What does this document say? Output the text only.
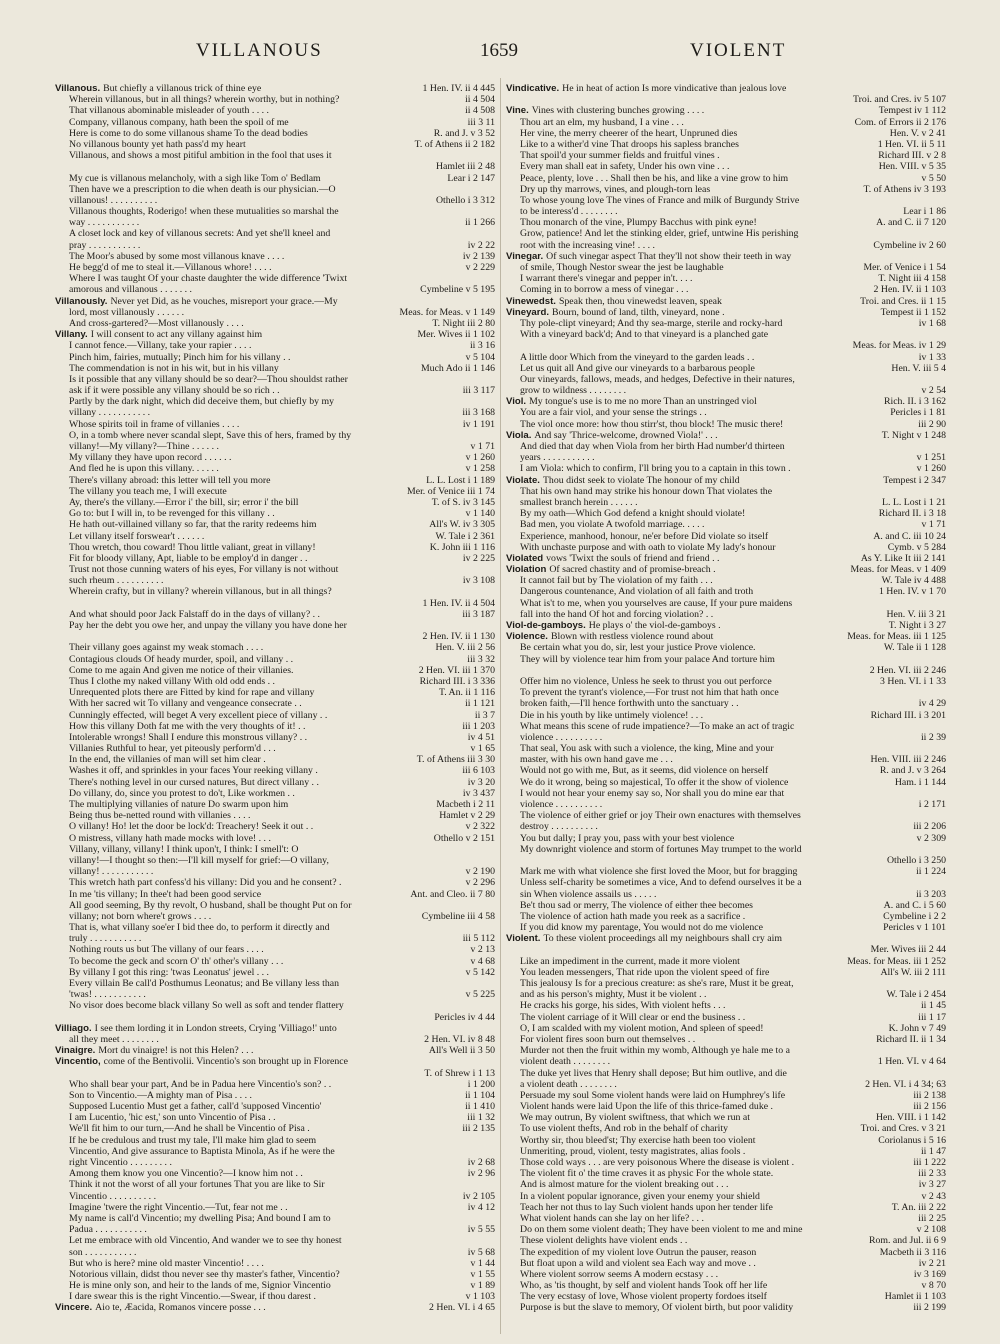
VILLANOUS	1659	VIOLENT
Villanous. But chiefly a villanous trick of thine eye	1 Hen. IV. ii 4 445
Wherein villanous, but in all things? wherein worthy, but in nothing?	ii 4 504
That villanous abominable misleader of youth . . . .	ii 4 508
Company, villanous company, hath been the spoil of me	iii 3 11
Here is come to do some villanous shame To the dead bodies	R. and J. v 3 52
No villanous bounty yet hath pass'd my heart	T. of Athens ii 2 182
Villanous, and shows a most pitiful ambition in the fool that uses it
Hamlet iii 2 48
My cue is villanous melancholy, with a sigh like Tom o' Bedlam	Lear i 2 147
Then have we a prescription to die when death is our physician.—O
villanous! . . . . . . . . . .	Othello i 3 312
Villanous thoughts, Roderigo! when these mutualities so marshal the
way . . . . . . . . . . .	ii 1 266
A closet lock and key of villanous secrets: And yet she'll kneel and
pray . . . . . . . . . . .	iv 2 22
The Moor's abused by some most villanous knave . . . .	iv 2 139
He begg'd of me to steal it.—Villanous whore! . . . .	v 2 229
Where I was taught Of your chaste daughter the wide difference 'Twixt
amorous and villanous . . . . . . .	Cymbeline v 5 195
Villanously. Never yet Did, as he vouches, misreport your grace.—My
lord, most villanously . . . . . .	Meas. for Meas. v 1 149
And cross-gartered?—Most villanously . . . .	T. Night iii 2 80
Villany. I will consent to act any villany against him	Mer. Wives ii 1 102
I cannot fence.—Villany, take your rapier . . . .	ii 3 16
Pinch him, fairies, mutually; Pinch him for his villany . .	v 5 104
The commendation is not in his wit, but in his villany	Much Ado ii 1 146
Is it possible that any villany should be so dear?—Thou shouldst rather
ask if it were possible any villany should be so rich . .	iii 3 117
Partly by the dark night, which did deceive them, but chiefly by my
villany . . . . . . . . . . .	iii 3 168
Whose spirits toil in frame of villanies . . . .	iv 1 191
O, in a tomb where never scandal slept, Save this of hers, framed by thy
villany!—My villany?—Thine . . . . . .	v 1 71
My villany they have upon record . . . . . .	v 1 260
And fled he is upon this villany. . . . . .	v 1 258
There's villany abroad: this letter will tell you more	L. L. Lost i 1 189
The villany you teach me, I will execute	Mer. of Venice iii 1 74
Ay, there's the villany.—Error i' the bill, sir; error i' the bill	T. of S. iv 3 145
Go to: but I will in, to be revenged for this villany . .	v 1 140
He hath out-villained villany so far, that the rarity redeems him	All's W. iv 3 305
Let villany itself forswear't . . . . . .	W. Tale i 2 361
Thou wretch, thou coward! Thou little valiant, great in villany!	K. John iii 1 116
Fit for bloody villany, Apt, liable to be employ'd in danger . .	iv 2 225
Trust not those cunning waters of his eyes, For villany is not without
such rheum . . . . . . . . . .	iv 3 108
Wherein crafty, but in villany? wherein villanous, but in all things?
1 Hen. IV. ii 4 504
And what should poor Jack Falstaff do in the days of villany? . .	iii 3 187
Pay her the debt you owe her, and unpay the villany you have done her
2 Hen. IV. ii 1 130
Their villany goes against my weak stomach . . . .	Hen. V. iii 2 56
Contagious clouds Of heady murder, spoil, and villany . .	iii 3 32
Come to me again And given me notice of their villanies.	2 Hen. VI. iii 1 370
Thus I clothe my naked villany With old odd ends . .	Richard III. i 3 336
Unrequented plots there are Fitted by kind for rape and villany	T. An. ii 1 116
With her sacred wit To villany and vengeance consecrate . .	ii 1 121
Cunningly effected, will beget A very excellent piece of villany . .	ii 3 7
How this villany Doth fat me with the very thoughts of it! . .	iii 1 203
Intolerable wrongs! Shall I endure this monstrous villany? . .	iv 4 51
Villanies Ruthful to hear, yet piteously perform'd . . .	v 1 65
In the end, the villanies of man will set him clear .	T. of Athens iii 3 30
Washes it off, and sprinkles in your faces Your reeking villany .	iii 6 103
There's nothing level in our cursed natures, But direct villany . .	iv 3 20
Do villany, do, since you protest to do't, Like workmen . .	iv 3 437
The multiplying villanies of nature Do swarm upon him	Macbeth i 2 11
Being thus be-netted round with villanies . . . .	Hamlet v 2 29
O villany! Ho! let the door be lock'd: Treachery! Seek it out . .	v 2 322
O mistress, villany hath made mocks with love! . . .	Othello v 2 151
Villany, villany, villany! I think upon't, I think: I smell't: O
villany!—I thought so then:—I'll kill myself for grief:—O villany,
villany! . . . . . . . . . . .	v 2 190
This wretch hath part confess'd his villany: Did you and he consent? .	v 2 296
In me 'tis villany; In thee't had been good service	Ant. and Cleo. ii 7 80
All good seeming, By thy revolt, O husband, shall be thought Put on for
villany; not born where't grows . . . .	Cymbeline iii 4 58
That is, what villany soe'er I bid thee do, to perform it directly and
truly . . . . . . . . . . .	iii 5 112
Nothing routs us but The villany of our fears . . . .	v 2 13
To become the geck and scorn O' th' other's villany . . .	v 4 68
By villany I got this ring: 'twas Leonatus' jewel . . .	v 5 142
Every villain Be call'd Posthumus Leonatus; and Be villany less than
'twas! . . . . . . . . . . .	v 5 225
No visor does become black villany So well as soft and tender flattery
Pericles iv 4 44
Villiago. I see them lording it in London streets, Crying 'Villiago!' unto
all they meet . . . . . . . .	2 Hen. VI. iv 8 48
Vinaigre. Mort du vinaigre! is not this Helen? . . .	All's Well ii 3 50
Vincentio, come of the Bentivolii. Vincentio's son brought up in Florence
T. of Shrew i 1 13
Who shall bear your part, And be in Padua here Vincentio's son? . .	i 1 200
Son to Vincentio.—A mighty man of Pisa . . . .	ii 1 104
Supposed Lucentio Must get a father, call'd 'supposed Vincentio'	ii 1 410
I am Lucentio, 'hic est,' son unto Vincentio of Pisa . .	iii 1 32
We'll fit him to our turn,—And he shall be Vincentio of Pisa .	iii 2 135
If he be credulous and trust my tale, I'll make him glad to seem
Vincentio, And give assurance to Baptista Minola, As if he were the
right Vincentio . . . . . . . . .	iv 2 68
Among them know you one Vincentio?—I know him not . .	iv 2 96
Think it not the worst of all your fortunes That you are like to Sir
Vincentio . . . . . . . . . .	iv 2 105
Imagine 'twere the right Vincentio.—Tut, fear not me . .	iv 4 12
My name is call'd Vincentio; my dwelling Pisa; And bound I am to
Padua . . . . . . . . . . .	iv 5 55
Let me embrace with old Vincentio, And wander we to see thy honest
son . . . . . . . . . . .	iv 5 68
But who is here? mine old master Vincentio! . . . .	v 1 44
Notorious villain, didst thou never see thy master's father, Vincentio?	v 1 55
He is mine only son, and heir to the lands of me, Signior Vincentio	v 1 89
I dare swear this is the right Vincentio.—Swear, if thou darest .	v 1 103
Vincere. Aio te, Æacida, Romanos vincere posse . . .	2 Hen. VI. i 4 65
Vindicative. He in heat of action Is more vindicative than jealous love
Troi. and Cres. iv 5 107
Vine. Vines with clustering bunches growing . . . .	Tempest iv 1 112
Thou art an elm, my husband, I a vine . . .	Com. of Errors ii 2 176
Her vine, the merry cheerer of the heart, Unpruned dies	Hen. V. v 2 41
Like to a wither'd vine That droops his sapless branches	1 Hen. VI. ii 5 11
That spoil'd your summer fields and fruitful vines .	Richard III. v 2 8
Every man shall eat in safety, Under his own vine . . .	Hen. VIII. v 5 35
Peace, plenty, love . . . Shall then be his, and like a vine grow to him	v 5 50
Dry up thy marrows, vines, and plough-torn leas	T. of Athens iv 3 193
To whose young love The vines of France and milk of Burgundy Strive
to be interess'd . . . . . . . .	Lear i 1 86
Thou monarch of the vine, Plumpy Bacchus with pink eyne!	A. and C. ii 7 120
Grow, patience! And let the stinking elder, grief, untwine His perishing
root with the increasing vine! . . . .	Cymbeline iv 2 60
Vinegar. Of such vinegar aspect That they'll not show their teeth in way
of smile, Though Nestor swear the jest be laughable	Mer. of Venice i 1 54
I warrant there's vinegar and pepper in't. . . .	T. Night iii 4 158
Coming in to borrow a mess of vinegar . . .	2 Hen. IV. ii 1 103
Vinewedst. Speak then, thou vinewedst leaven, speak	Troi. and Cres. ii 1 15
Vineyard. Bourn, bound of land, tilth, vineyard, none .	Tempest ii 1 152
Thy pole-clipt vineyard; And thy sea-marge, sterile and rocky-hard	iv 1 68
With a vineyard back'd; And to that vineyard is a planched gate
Meas. for Meas. iv 1 29
A little door Which from the vineyard to the garden leads . .	iv 1 33
Let us quit all And give our vineyards to a barbarous people	Hen. V. iii 5 4
Our vineyards, fallows, meads, and hedges, Defective in their natures,
grow to wildness . . . . . . . .	v 2 54
Viol. My tongue's use is to me no more Than an unstringed viol	Rich. II. i 3 162
You are a fair viol, and your sense the strings . .	Pericles i 1 81
The viol once more: how thou stirr'st, thou block! The music there!	iii 2 90
Viola. And say 'Thrice-welcome, drowned Viola!' . . .	T. Night v 1 248
And died that day when Viola from her birth Had number'd thirteen
years . . . . . . . . . . .	v 1 251
I am Viola: which to confirm, I'll bring you to a captain in this town .	v 1 260
Violate. Thou didst seek to violate The honour of my child	Tempest i 2 347
That his own hand may strike his honour down That violates the
smallest branch herein . . . . . .	L. L. Lost i 1 21
By my oath—Which God defend a knight should violate!	Richard II. i 3 18
Bad men, you violate A twofold marriage. . . . .	v 1 71
Experience, manhood, honour, ne'er before Did violate so itself	A. and C. iii 10 24
With unchaste purpose and with oath to violate My lady's honour	Cymb. v 5 284
Violated vows 'Twixt the souls of friend and friend . .	As Y. Like It iii 2 141
Violation Of sacred chastity and of promise-breach .	Meas. for Meas. v 1 409
It cannot fail but by The violation of my faith . . .	W. Tale iv 4 488
Dangerous countenance, And violation of all faith and troth	1 Hen. IV. v 1 70
What is't to me, when you yourselves are cause, If your pure maidens
fall into the hand Of hot and forcing violation? . .	Hen. V. iii 3 21
Viol-de-gamboys. He plays o' the viol-de-gamboys .	T. Night i 3 27
Violence. Blown with restless violence round about	Meas. for Meas. iii 1 125
Be certain what you do, sir, lest your justice Prove violence.	W. Tale ii 1 128
They will by violence tear him from your palace And torture him
2 Hen. VI. iii 2 246
Offer him no violence, Unless he seek to thrust you out perforce	3 Hen. VI. i 1 33
To prevent the tyrant's violence,—For trust not him that hath once
broken faith,—I'll hence forthwith unto the sanctuary . .	iv 4 29
Die in his youth by like untimely violence! . . .	Richard III. i 3 201
What means this scene of rude impatience?—To make an act of tragic
violence . . . . . . . . . .	ii 2 39
That seal, You ask with such a violence, the king, Mine and your
master, with his own hand gave me . . .	Hen. VIII. iii 2 246
Would not go with me, But, as it seems, did violence on herself	R. and J. v 3 264
We do it wrong, being so majestical, To offer it the show of violence	Ham. i 1 144
I would not hear your enemy say so, Nor shall you do mine ear that
violence . . . . . . . . . .	i 2 171
The violence of either grief or joy Their own enactures with themselves
destroy . . . . . . . . . .	iii 2 206
You but dally; I pray you, pass with your best violence	v 2 309
My downright violence and storm of fortunes May trumpet to the world
Othello i 3 250
Mark me with what violence she first loved the Moor, but for bragging	ii 1 224
Unless self-charity be sometimes a vice, And to defend ourselves it be a
sin When violence assails us . . . . .	ii 3 203
Be't thou sad or merry, The violence of either thee becomes	A. and C. i 5 60
The violence of action hath made you reek as a sacrifice .	Cymbeline i 2 2
If you did know my parentage, You would not do me violence	Pericles v 1 101
Violent. To these violent proceedings all my neighbours shall cry aim
Mer. Wives iii 2 44
Like an impediment in the current, made it more violent	Meas. for Meas. iii 1 252
You leaden messengers, That ride upon the violent speed of fire	All's W. iii 2 111
This jealousy Is for a precious creature: as she's rare, Must it be great,
and as his person's mighty, Must it be violent . .	W. Tale i 2 454
He cracks his gorge, his sides, With violent hefts . . .	ii 1 45
The violent carriage of it Will clear or end the business . .	iii 1 17
O, I am scalded with my violent motion, And spleen of speed!	K. John v 7 49
For violent fires soon burn out themselves . .	Richard II. ii 1 34
Murder not then the fruit within my womb, Although ye hale me to a
violent death . . . . . . . .	1 Hen. VI. v 4 64
The duke yet lives that Henry shall depose; But him outlive, and die
a violent death . . . . . . . .	2 Hen. VI. i 4 34; 63
Persuade my soul Some violent hands were laid on Humphrey's life	iii 2 138
Violent hands were laid Upon the life of this thrice-famed duke .	iii 2 156
We may outrun, By violent swiftness, that which we run at	Hen. VIII. i 1 142
To use violent thefts, And rob in the behalf of charity	Troi. and Cres. v 3 21
Worthy sir, thou bleed'st; Thy exercise hath been too violent	Coriolanus i 5 16
Unmeriting, proud, violent, testy magistrates, alias fools .	ii 1 47
Those cold ways . . . are very poisonous Where the disease is violent .	iii 1 222
The violent fit o' the time craves it as physic For the whole state.	iii 2 33
And is almost mature for the violent breaking out . . .	iv 3 27
In a violent popular ignorance, given your enemy your shield	v 2 43
Teach her not thus to lay Such violent hands upon her tender life	T. An. iii 2 22
What violent hands can she lay on her life? . . .	iii 2 25
Do on them some violent death; They have been violent to me and mine	v 2 108
These violent delights have violent ends . .	Rom. and Jul. ii 6 9
The expedition of my violent love Outrun the pauser, reason	Macbeth ii 3 116
But float upon a wild and violent sea Each way and move . .	iv 2 21
Where violent sorrow seems A modern ecstasy . . .	iv 3 169
Who, as 'tis thought, by self and violent hands Took off her life	v 8 70
The very ecstasy of love, Whose violent property fordoes itself	Hamlet ii 1 103
Purpose is but the slave to memory, Of violent birth, but poor validity	iii 2 199
